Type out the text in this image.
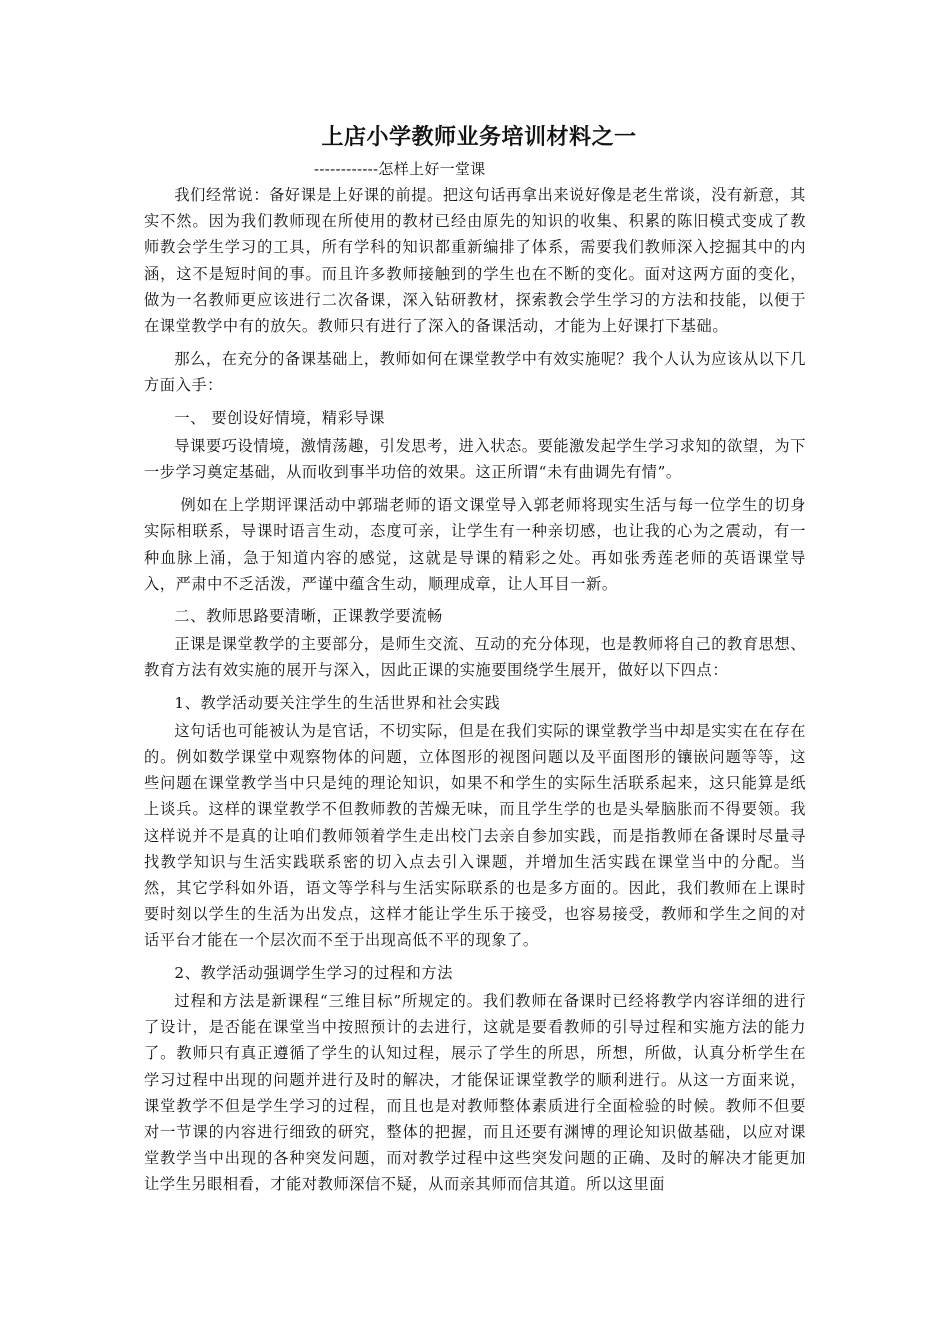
上店小学教师业务培训材料之一
------------怎样上好一堂课

我们经常说：备好课是上好课的前提。把这句话再拿出来说好像是老生常谈，没有新意，其实不然。因为我们教师现在所使用的教材已经由原先的知识的收集、积累的陈旧模式变成了教师教会学生学习的工具，所有学科的知识都重新编排了体系，需要我们教师深入挖掘其中的内涵，这不是短时间的事。而且许多教师接触到的学生也在不断的变化。面对这两方面的变化，做为一名教师更应该进行二次备课，深入钻研教材，探索教会学生学习的方法和技能，以便于在课堂教学中有的放矢。教师只有进行了深入的备课活动，才能为上好课打下基础。

那么，在充分的备课基础上，教师如何在课堂教学中有效实施呢？我个人认为应该从以下几方面入手：

一、 要创设好情境，精彩导课

导课要巧设情境，激情荡趣，引发思考，进入状态。要能激发起学生学习求知的欲望，为下一步学习奠定基础，从而收到事半功倍的效果。这正所谓“未有曲调先有情”。

例如在上学期评课活动中郭瑞老师的语文课堂导入郭老师将现实生活与每一位学生的切身实际相联系，导课时语言生动，态度可亲，让学生有一种亲切感，也让我的心为之震动，有一种血脉上涌，急于知道内容的感觉，这就是导课的精彩之处。再如张秀莲老师的英语课堂导入，严肃中不乏活泼，严谨中蕴含生动，顺理成章，让人耳目一新。

二、教师思路要清晰，正课教学要流畅

正课是课堂教学的主要部分，是师生交流、互动的充分体现，也是教师将自己的教育思想、教育方法有效实施的展开与深入，因此正课的实施要围绕学生展开，做好以下四点：

1、教学活动要关注学生的生活世界和社会实践

这句话也可能被认为是官话，不切实际，但是在我们实际的课堂教学当中却是实实在在存在的。例如数学课堂中观察物体的问题，立体图形的视图问题以及平面图形的镶嵌问题等等，这些问题在课堂教学当中只是纯的理论知识，如果不和学生的实际生活联系起来，这只能算是纸上谈兵。这样的课堂教学不但教师教的苦燥无味，而且学生学的也是头晕脑胀而不得要领。我这样说并不是真的让咱们教师领着学生走出校门去亲自参加实践，而是指教师在备课时尽量寻找教学知识与生活实践联系密的切入点去引入课题，并增加生活实践在课堂当中的分配。当然，其它学科如外语，语文等学科与生活实际联系的也是多方面的。因此，我们教师在上课时要时刻以学生的生活为出发点，这样才能让学生乐于接受，也容易接受，教师和学生之间的对话平台才能在一个层次而不至于出现高低不平的现象了。

2、教学活动强调学生学习的过程和方法

过程和方法是新课程“三维目标”所规定的。我们教师在备课时已经将教学内容详细的进行了设计，是否能在课堂当中按照预计的去进行，这就是要看教师的引导过程和实施方法的能力了。教师只有真正遵循了学生的认知过程，展示了学生的所思，所想，所做，认真分析学生在学习过程中出现的问题并进行及时的解决，才能保证课堂教学的顺利进行。从这一方面来说，课堂教学不但是学生学习的过程，而且也是对教师整体素质进行全面检验的时候。教师不但要对一节课的内容进行细致的研究，整体的把握，而且还要有渊博的理论知识做基础，以应对课堂教学当中出现的各种突发问题，而对教学过程中这些突发问题的正确、及时的解决才能更加让学生另眼相看，才能对教师深信不疑，从而亲其师而信其道。所以这里面
